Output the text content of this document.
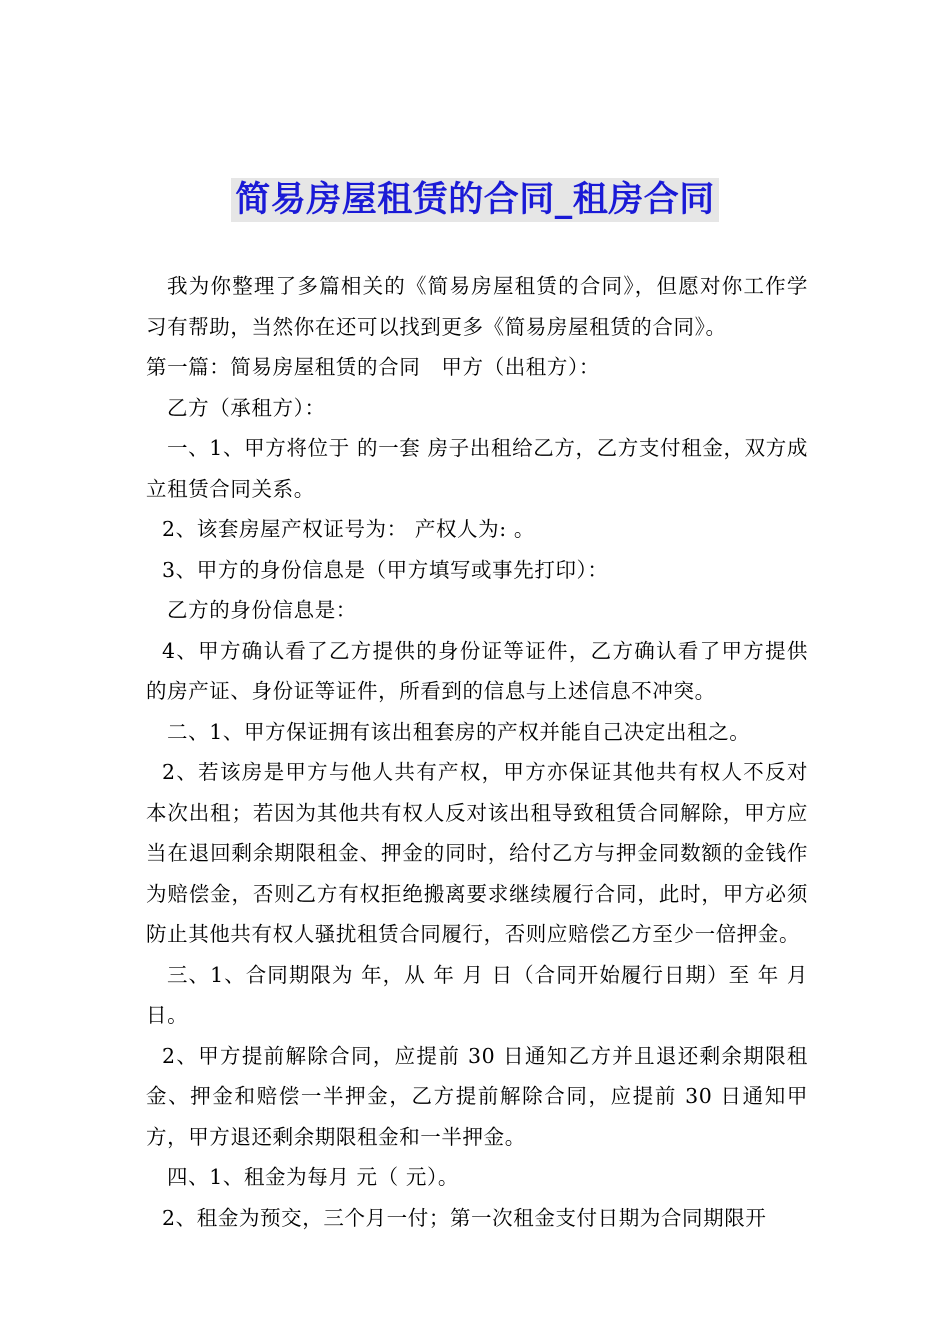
简易房屋租赁的合同_租房合同

我为你整理了多篇相关的《简易房屋租赁的合同》，但愿对你工作学习有帮助，当然你在还可以找到更多《简易房屋租赁的合同》。

第一篇：简易房屋租赁的合同　甲方（出租方）：

乙方（承租方）：

一、1、甲方将位于 的一套 房子出租给乙方，乙方支付租金，双方成立租赁合同关系。

2、该套房屋产权证号为： 产权人为: 。

3、甲方的身份信息是（甲方填写或事先打印）：

乙方的身份信息是：

4、甲方确认看了乙方提供的身份证等证件，乙方确认看了甲方提供的房产证、身份证等证件，所看到的信息与上述信息不冲突。

二、1、甲方保证拥有该出租套房的产权并能自己决定出租之。

2、若该房是甲方与他人共有产权，甲方亦保证其他共有权人不反对本次出租；若因为其他共有权人反对该出租导致租赁合同解除，甲方应当在退回剩余期限租金、押金的同时，给付乙方与押金同数额的金钱作为赔偿金，否则乙方有权拒绝搬离要求继续履行合同，此时，甲方必须防止其他共有权人骚扰租赁合同履行，否则应赔偿乙方至少一倍押金。

三、1、合同期限为 年，从 年 月 日（合同开始履行日期）至 年 月 日。

2、甲方提前解除合同，应提前 30 日通知乙方并且退还剩余期限租金、押金和赔偿一半押金，乙方提前解除合同，应提前 30 日通知甲方，甲方退还剩余期限租金和一半押金。

四、1、租金为每月 元（ 元）。

2、租金为预交，三个月一付；第一次租金支付日期为合同期限开
